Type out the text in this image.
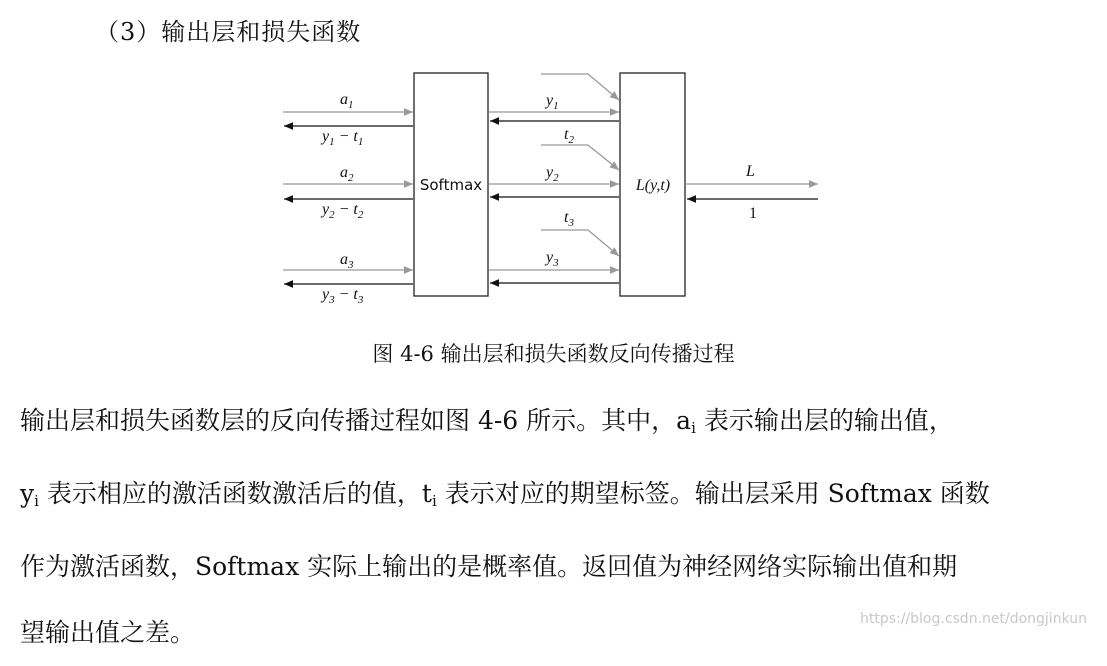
（3）输出层和损失函数
Softmax	L(y,t)
$a_1$
$y_1 - t_1$
$a_2$
$y_2 - t_2$
$a_3$
$y_3 - t_3$
$y_1$
$y_2$
$y_3$
$t_2$
$t_3$
L
1
图 4-6 输出层和损失函数反向传播过程
输出层和损失函数层的反向传播过程如图 4-6 所示。其中，$a_i$ 表示输出层的输出值，
$y_i$ 表示相应的激活函数激活后的值，$t_i$ 表示对应的期望标签。输出层采用 Softmax 函数
作为激活函数，Softmax 实际上输出的是概率值。返回值为神经网络实际输出值和期
望输出值之差。	https://blog.csdn.net/dongjinkun
